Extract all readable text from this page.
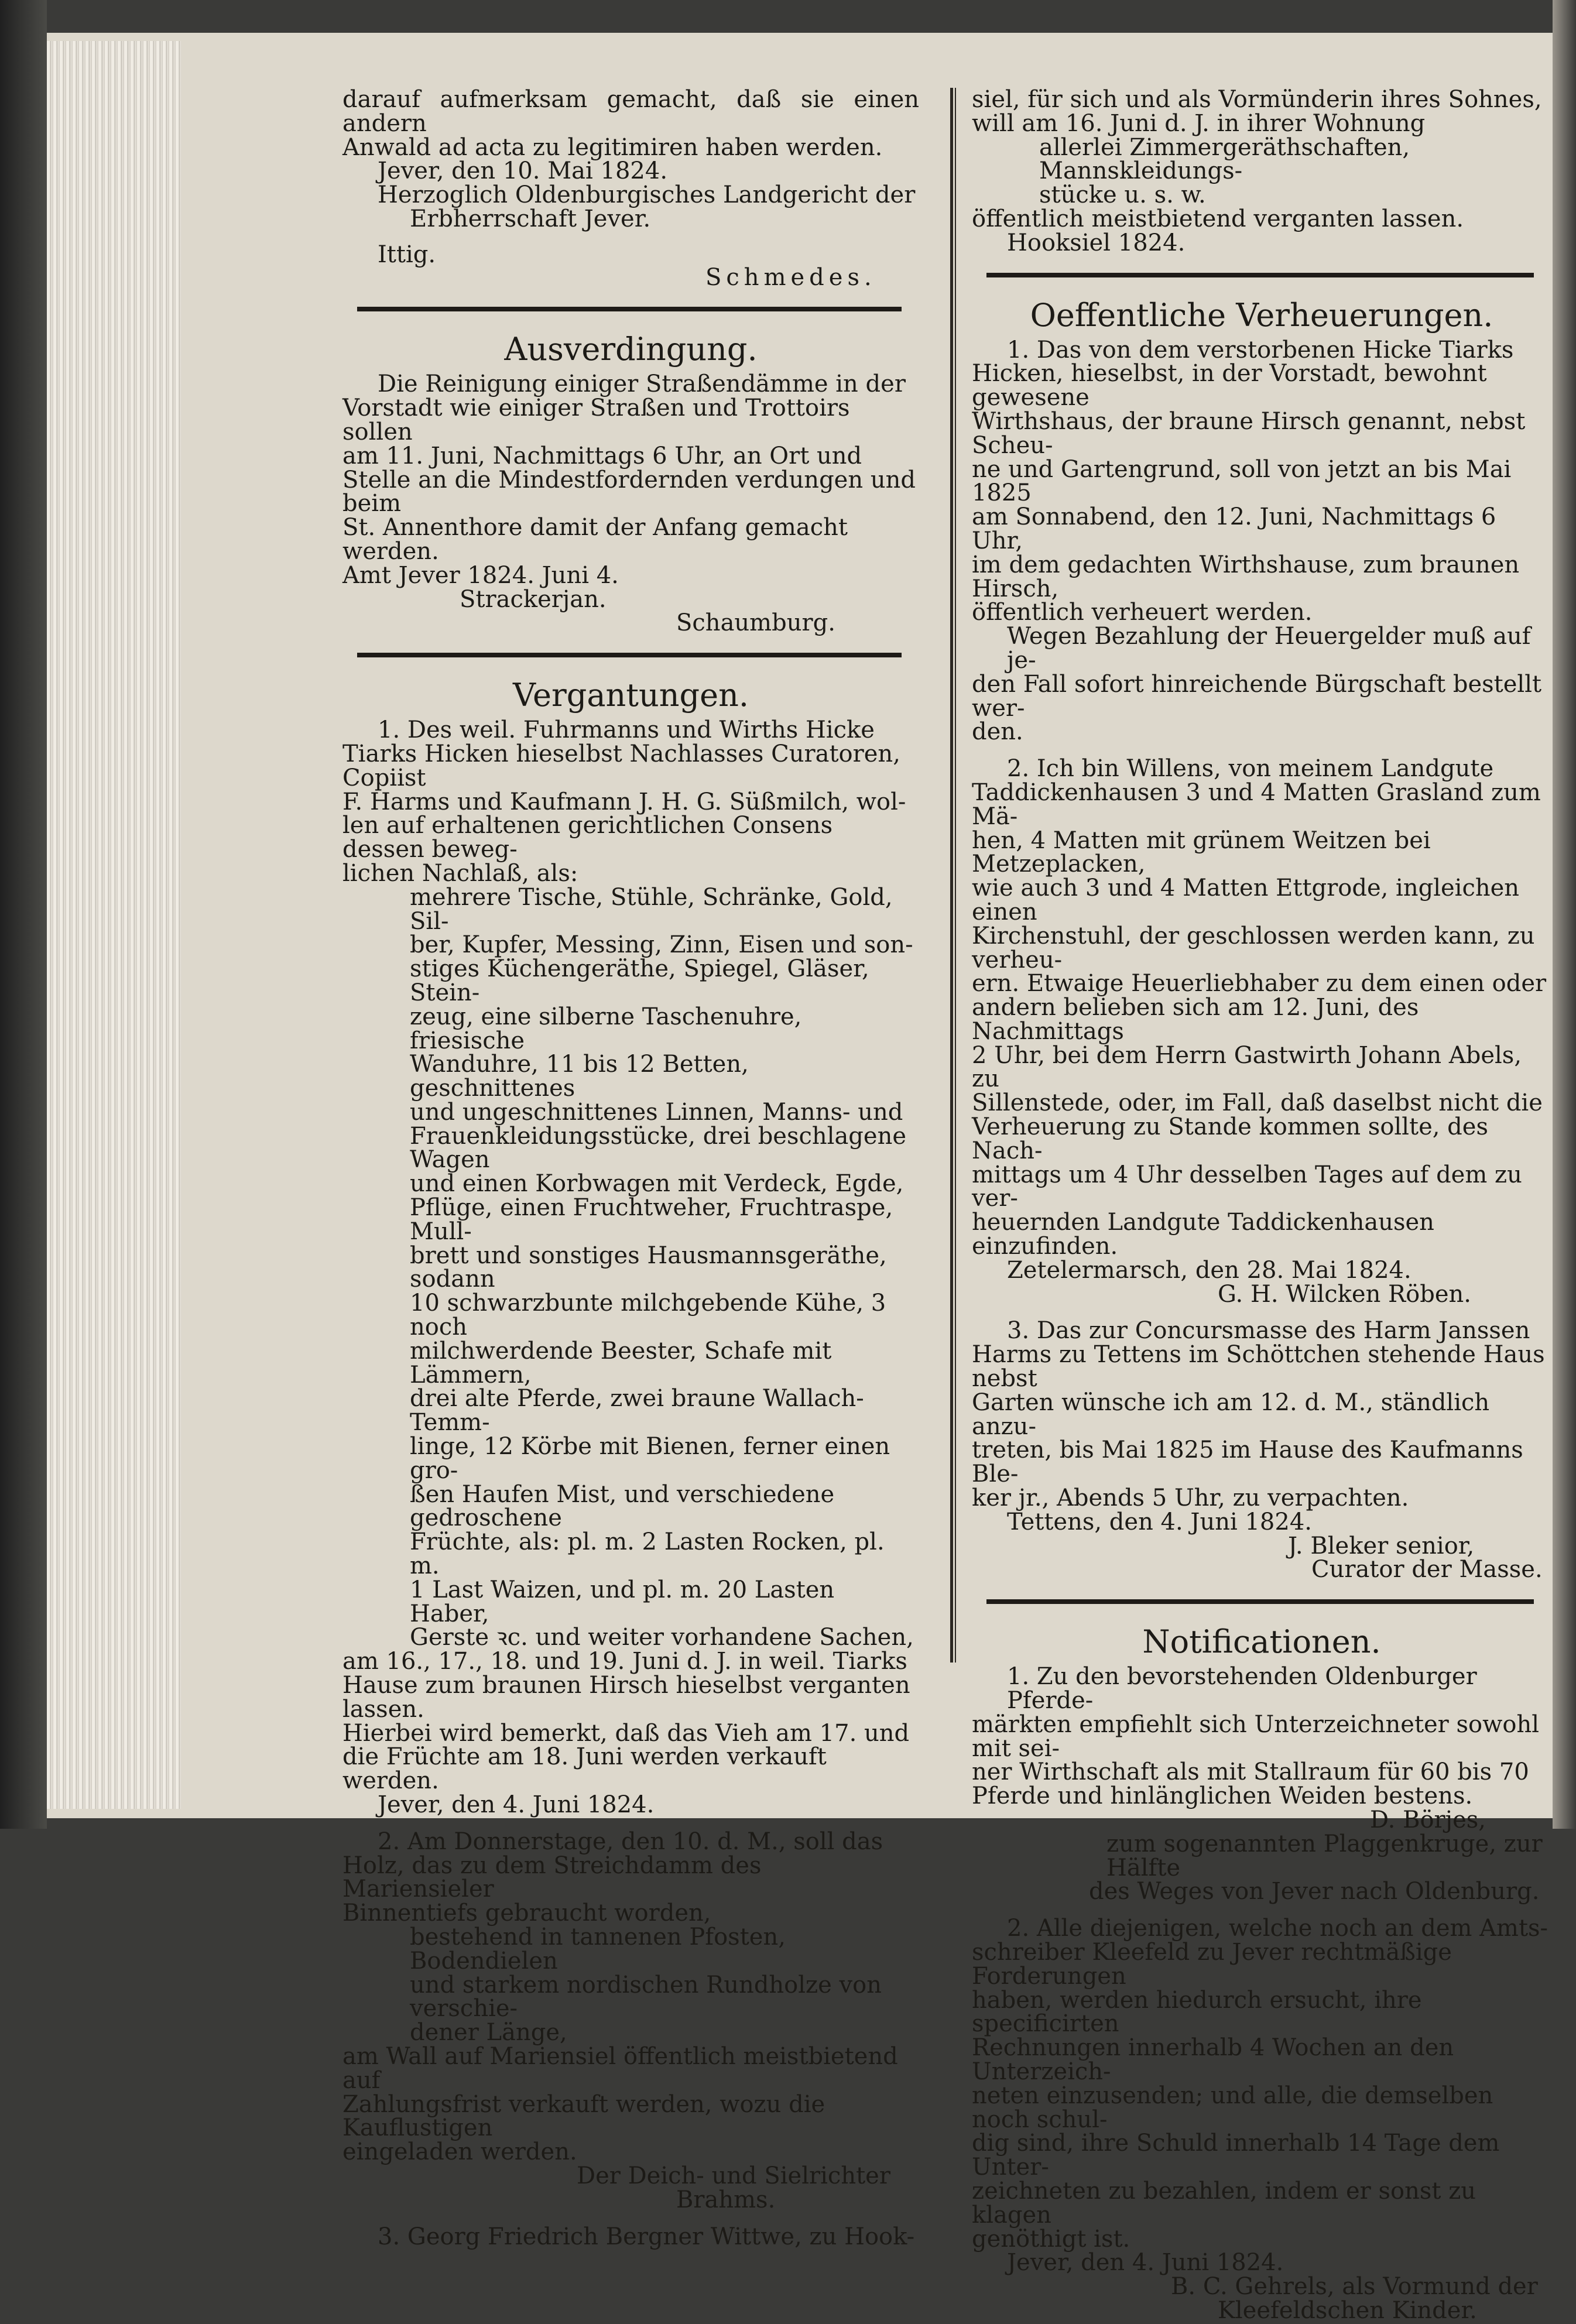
darauf aufmerksam gemacht, daß sie einen andern

Anwald ad acta zu legitimiren haben werden.

Jever, den 10. Mai 1824.

Herzoglich Oldenburgisches Landgericht der

Erbherrschaft Jever.

Ittig.

Schmedes.

Ausverdingung.

Die Reinigung einiger Straßendämme in der

Vorstadt wie einiger Straßen und Trottoirs sollen

am 11. Juni, Nachmittags 6 Uhr, an Ort und

Stelle an die Mindestfordernden verdungen und beim

St. Annenthore damit der Anfang gemacht werden.

Amt Jever 1824. Juni 4.

Strackerjan.

Schaumburg.

Vergantungen.

1. Des weil. Fuhrmanns und Wirths Hicke

Tiarks Hicken hieselbst Nachlasses Curatoren, Copiist

F. Harms und Kaufmann J. H. G. Süßmilch, wol-

len auf erhaltenen gerichtlichen Consens dessen beweg-

lichen Nachlaß, als:

mehrere Tische, Stühle, Schränke, Gold, Sil-

ber, Kupfer, Messing, Zinn, Eisen und son-

stiges Küchengeräthe, Spiegel, Gläser, Stein-

zeug, eine silberne Taschenuhre, friesische

Wanduhre, 11 bis 12 Betten, geschnittenes

und ungeschnittenes Linnen, Manns- und

Frauenkleidungsstücke, drei beschlagene Wagen

und einen Korbwagen mit Verdeck, Egde,

Pflüge, einen Fruchtweher, Fruchtraspe, Mull-

brett und sonstiges Hausmannsgeräthe, sodann

10 schwarzbunte milchgebende Kühe, 3 noch

milchwerdende Beester, Schafe mit Lämmern,

drei alte Pferde, zwei braune Wallach-Temm-

linge, 12 Körbe mit Bienen, ferner einen gro-

ßen Haufen Mist, und verschiedene gedroschene

Früchte, als: pl. m. 2 Lasten Rocken, pl. m.

1 Last Waizen, und pl. m. 20 Lasten Haber,

Gerste ꝛc. und weiter vorhandene Sachen,

am 16., 17., 18. und 19. Juni d. J. in weil. Tiarks

Hause zum braunen Hirsch hieselbst verganten lassen.

Hierbei wird bemerkt, daß das Vieh am 17. und

die Früchte am 18. Juni werden verkauft werden.

Jever, den 4. Juni 1824.

2. Am Donnerstage, den 10. d. M., soll das

Holz, das zu dem Streichdamm des Mariensieler

Binnentiefs gebraucht worden,

bestehend in tannenen Pfosten, Bodendielen

und starkem nordischen Rundholze von verschie-

dener Länge,

am Wall auf Mariensiel öffentlich meistbietend auf

Zahlungsfrist verkauft werden, wozu die Kauflustigen

eingeladen werden.

Der Deich- und Sielrichter

Brahms.

3. Georg Friedrich Bergner Wittwe, zu Hook-

siel, für sich und als Vormünderin ihres Sohnes,

will am 16. Juni d. J. in ihrer Wohnung

allerlei Zimmergeräthschaften, Mannskleidungs-

stücke u. s. w.

öffentlich meistbietend verganten lassen.

Hooksiel 1824.

Oeffentliche Verheuerungen.

1. Das von dem verstorbenen Hicke Tiarks

Hicken, hieselbst, in der Vorstadt, bewohnt gewesene

Wirthshaus, der braune Hirsch genannt, nebst Scheu-

ne und Gartengrund, soll von jetzt an bis Mai 1825

am Sonnabend, den 12. Juni, Nachmittags 6 Uhr,

im dem gedachten Wirthshause, zum braunen Hirsch,

öffentlich verheuert werden.

Wegen Bezahlung der Heuergelder muß auf je-

den Fall sofort hinreichende Bürgschaft bestellt wer-

den.

2. Ich bin Willens, von meinem Landgute

Taddickenhausen 3 und 4 Matten Grasland zum Mä-

hen, 4 Matten mit grünem Weitzen bei Metzeplacken,

wie auch 3 und 4 Matten Ettgrode, ingleichen einen

Kirchenstuhl, der geschlossen werden kann, zu verheu-

ern. Etwaige Heuerliebhaber zu dem einen oder

andern belieben sich am 12. Juni, des Nachmittags

2 Uhr, bei dem Herrn Gastwirth Johann Abels, zu

Sillenstede, oder, im Fall, daß daselbst nicht die

Verheuerung zu Stande kommen sollte, des Nach-

mittags um 4 Uhr desselben Tages auf dem zu ver-

heuernden Landgute Taddickenhausen einzufinden.

Zetelermarsch, den 28. Mai 1824.

G. H. Wilcken Röben.

3. Das zur Concursmasse des Harm Janssen

Harms zu Tettens im Schöttchen stehende Haus nebst

Garten wünsche ich am 12. d. M., ständlich anzu-

treten, bis Mai 1825 im Hause des Kaufmanns Ble-

ker jr., Abends 5 Uhr, zu verpachten.

Tettens, den 4. Juni 1824.

J. Bleker senior,

Curator der Masse.

Notificationen.

1. Zu den bevorstehenden Oldenburger Pferde-

märkten empfiehlt sich Unterzeichneter sowohl mit sei-

ner Wirthschaft als mit Stallraum für 60 bis 70

Pferde und hinlänglichen Weiden bestens.

D. Börjes,

zum sogenannten Plaggenkruge, zur Hälfte

des Weges von Jever nach Oldenburg.

2. Alle diejenigen, welche noch an dem Amts-

schreiber Kleefeld zu Jever rechtmäßige Forderungen

haben, werden hiedurch ersucht, ihre specificirten

Rechnungen innerhalb 4 Wochen an den Unterzeich-

neten einzusenden; und alle, die demselben noch schul-

dig sind, ihre Schuld innerhalb 14 Tage dem Unter-

zeichneten zu bezahlen, indem er sonst zu klagen

genöthigt ist.

Jever, den 4. Juni 1824.

B. C. Gehrels, als Vormund der

Kleefeldschen Kinder.
